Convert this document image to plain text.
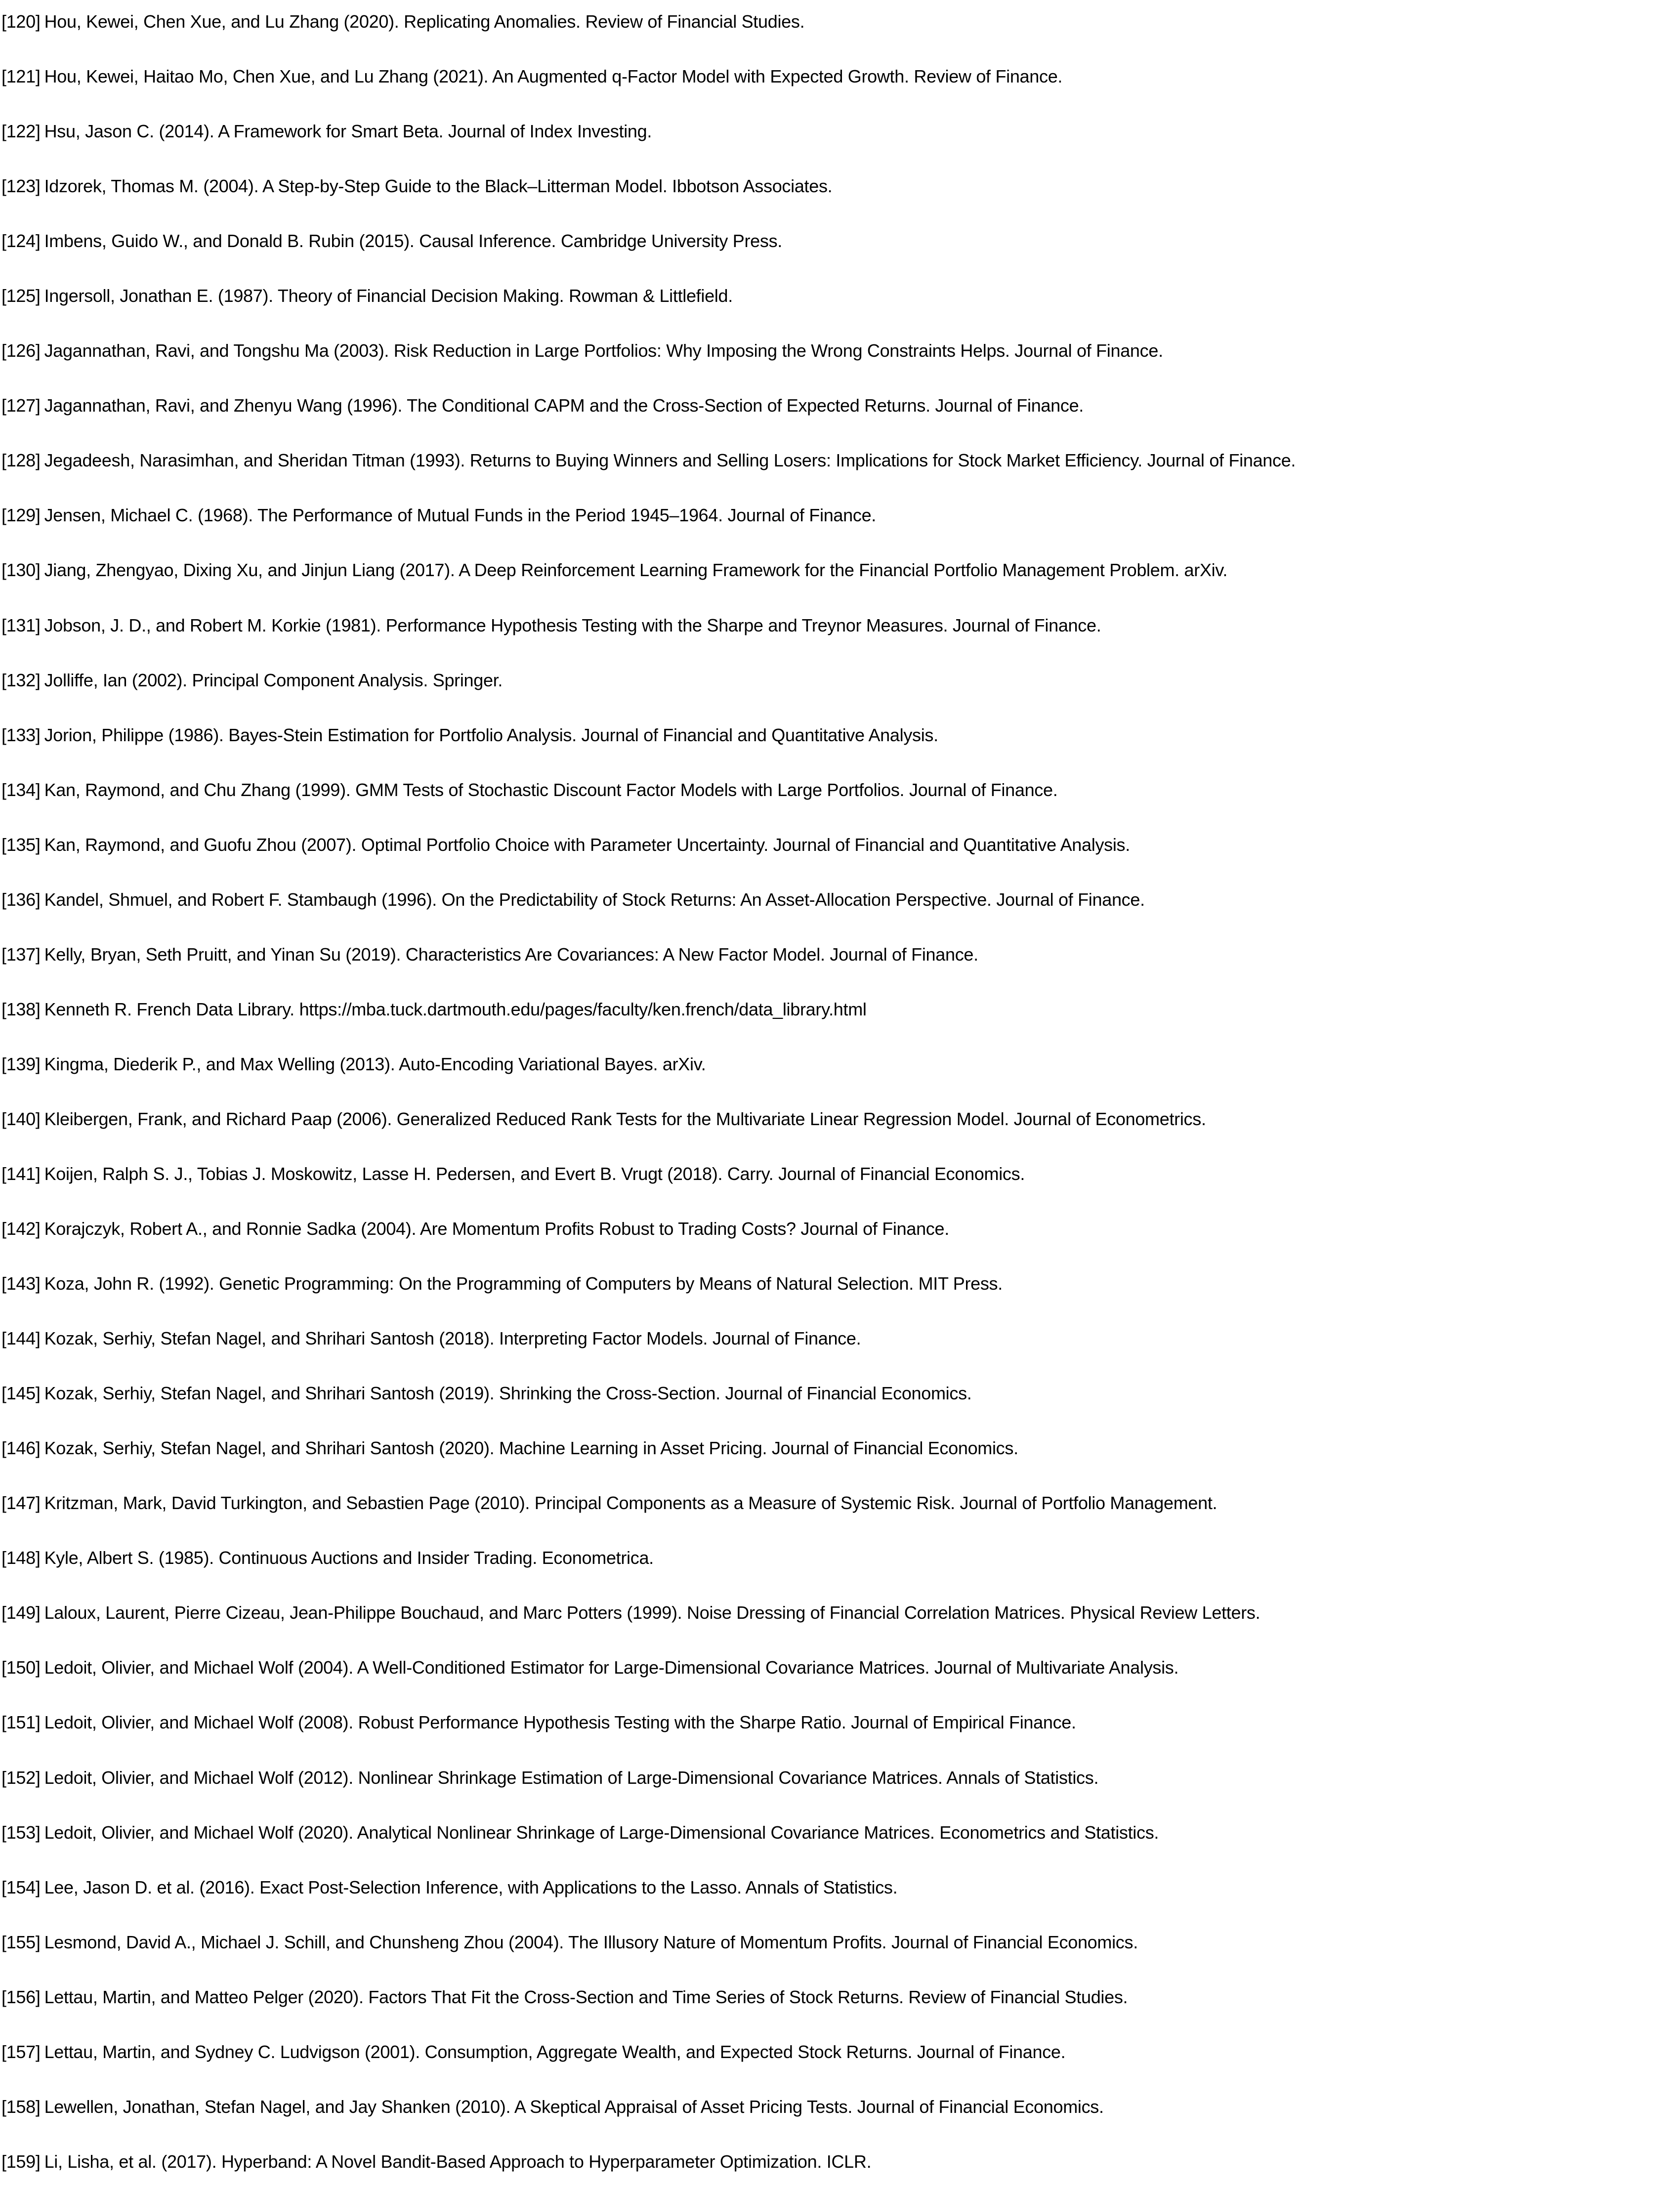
[120] Hou, Kewei, Chen Xue, and Lu Zhang (2020). Replicating Anomalies. Review of Financial Studies.
[121] Hou, Kewei, Haitao Mo, Chen Xue, and Lu Zhang (2021). An Augmented q-Factor Model with Expected Growth. Review of Finance.
[122] Hsu, Jason C. (2014). A Framework for Smart Beta. Journal of Index Investing.
[123] Idzorek, Thomas M. (2004). A Step-by-Step Guide to the Black–Litterman Model. Ibbotson Associates.
[124] Imbens, Guido W., and Donald B. Rubin (2015). Causal Inference. Cambridge University Press.
[125] Ingersoll, Jonathan E. (1987). Theory of Financial Decision Making. Rowman & Littlefield.
[126] Jagannathan, Ravi, and Tongshu Ma (2003). Risk Reduction in Large Portfolios: Why Imposing the Wrong Constraints Helps. Journal of Finance.
[127] Jagannathan, Ravi, and Zhenyu Wang (1996). The Conditional CAPM and the Cross-Section of Expected Returns. Journal of Finance.
[128] Jegadeesh, Narasimhan, and Sheridan Titman (1993). Returns to Buying Winners and Selling Losers: Implications for Stock Market Efficiency. Journal of Finance.
[129] Jensen, Michael C. (1968). The Performance of Mutual Funds in the Period 1945–1964. Journal of Finance.
[130] Jiang, Zhengyao, Dixing Xu, and Jinjun Liang (2017). A Deep Reinforcement Learning Framework for the Financial Portfolio Management Problem. arXiv.
[131] Jobson, J. D., and Robert M. Korkie (1981). Performance Hypothesis Testing with the Sharpe and Treynor Measures. Journal of Finance.
[132] Jolliffe, Ian (2002). Principal Component Analysis. Springer.
[133] Jorion, Philippe (1986). Bayes-Stein Estimation for Portfolio Analysis. Journal of Financial and Quantitative Analysis.
[134] Kan, Raymond, and Chu Zhang (1999). GMM Tests of Stochastic Discount Factor Models with Large Portfolios. Journal of Finance.
[135] Kan, Raymond, and Guofu Zhou (2007). Optimal Portfolio Choice with Parameter Uncertainty. Journal of Financial and Quantitative Analysis.
[136] Kandel, Shmuel, and Robert F. Stambaugh (1996). On the Predictability of Stock Returns: An Asset-Allocation Perspective. Journal of Finance.
[137] Kelly, Bryan, Seth Pruitt, and Yinan Su (2019). Characteristics Are Covariances: A New Factor Model. Journal of Finance.
[138] Kenneth R. French Data Library. https://mba.tuck.dartmouth.edu/pages/faculty/ken.french/data_library.html
[139] Kingma, Diederik P., and Max Welling (2013). Auto-Encoding Variational Bayes. arXiv.
[140] Kleibergen, Frank, and Richard Paap (2006). Generalized Reduced Rank Tests for the Multivariate Linear Regression Model. Journal of Econometrics.
[141] Koijen, Ralph S. J., Tobias J. Moskowitz, Lasse H. Pedersen, and Evert B. Vrugt (2018). Carry. Journal of Financial Economics.
[142] Korajczyk, Robert A., and Ronnie Sadka (2004). Are Momentum Profits Robust to Trading Costs? Journal of Finance.
[143] Koza, John R. (1992). Genetic Programming: On the Programming of Computers by Means of Natural Selection. MIT Press.
[144] Kozak, Serhiy, Stefan Nagel, and Shrihari Santosh (2018). Interpreting Factor Models. Journal of Finance.
[145] Kozak, Serhiy, Stefan Nagel, and Shrihari Santosh (2019). Shrinking the Cross-Section. Journal of Financial Economics.
[146] Kozak, Serhiy, Stefan Nagel, and Shrihari Santosh (2020). Machine Learning in Asset Pricing. Journal of Financial Economics.
[147] Kritzman, Mark, David Turkington, and Sebastien Page (2010). Principal Components as a Measure of Systemic Risk. Journal of Portfolio Management.
[148] Kyle, Albert S. (1985). Continuous Auctions and Insider Trading. Econometrica.
[149] Laloux, Laurent, Pierre Cizeau, Jean-Philippe Bouchaud, and Marc Potters (1999). Noise Dressing of Financial Correlation Matrices. Physical Review Letters.
[150] Ledoit, Olivier, and Michael Wolf (2004). A Well-Conditioned Estimator for Large-Dimensional Covariance Matrices. Journal of Multivariate Analysis.
[151] Ledoit, Olivier, and Michael Wolf (2008). Robust Performance Hypothesis Testing with the Sharpe Ratio. Journal of Empirical Finance.
[152] Ledoit, Olivier, and Michael Wolf (2012). Nonlinear Shrinkage Estimation of Large-Dimensional Covariance Matrices. Annals of Statistics.
[153] Ledoit, Olivier, and Michael Wolf (2020). Analytical Nonlinear Shrinkage of Large-Dimensional Covariance Matrices. Econometrics and Statistics.
[154] Lee, Jason D. et al. (2016). Exact Post-Selection Inference, with Applications to the Lasso. Annals of Statistics.
[155] Lesmond, David A., Michael J. Schill, and Chunsheng Zhou (2004). The Illusory Nature of Momentum Profits. Journal of Financial Economics.
[156] Lettau, Martin, and Matteo Pelger (2020). Factors That Fit the Cross-Section and Time Series of Stock Returns. Review of Financial Studies.
[157] Lettau, Martin, and Sydney C. Ludvigson (2001). Consumption, Aggregate Wealth, and Expected Stock Returns. Journal of Finance.
[158] Lewellen, Jonathan, Stefan Nagel, and Jay Shanken (2010). A Skeptical Appraisal of Asset Pricing Tests. Journal of Financial Economics.
[159] Li, Lisha, et al. (2017). Hyperband: A Novel Bandit-Based Approach to Hyperparameter Optimization. ICLR.
